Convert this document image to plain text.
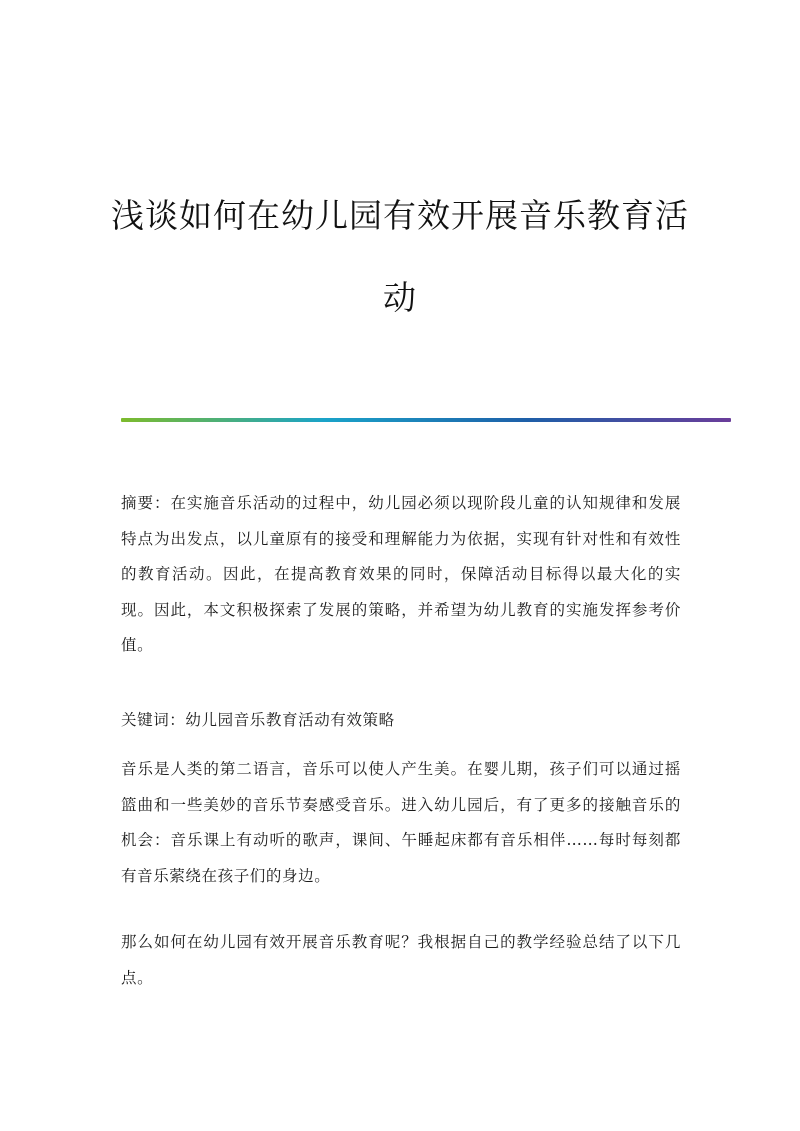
浅谈如何在幼儿园有效开展音乐教育活
动

摘要：在实施音乐活动的过程中，幼儿园必须以现阶段儿童的认知规律和发展特点为出发点，以儿童原有的接受和理解能力为依据，实现有针对性和有效性的教育活动。因此，在提高教育效果的同时，保障活动目标得以最大化的实现。因此，本文积极探索了发展的策略，并希望为幼儿教育的实施发挥参考价值。

关键词：幼儿园音乐教育活动有效策略

音乐是人类的第二语言，音乐可以使人产生美。在婴儿期，孩子们可以通过摇篮曲和一些美妙的音乐节奏感受音乐。进入幼儿园后，有了更多的接触音乐的机会：音乐课上有动听的歌声，课间、午睡起床都有音乐相伴……每时每刻都有音乐萦绕在孩子们的身边。

那么如何在幼儿园有效开展音乐教育呢？我根据自己的教学经验总结了以下几点。
